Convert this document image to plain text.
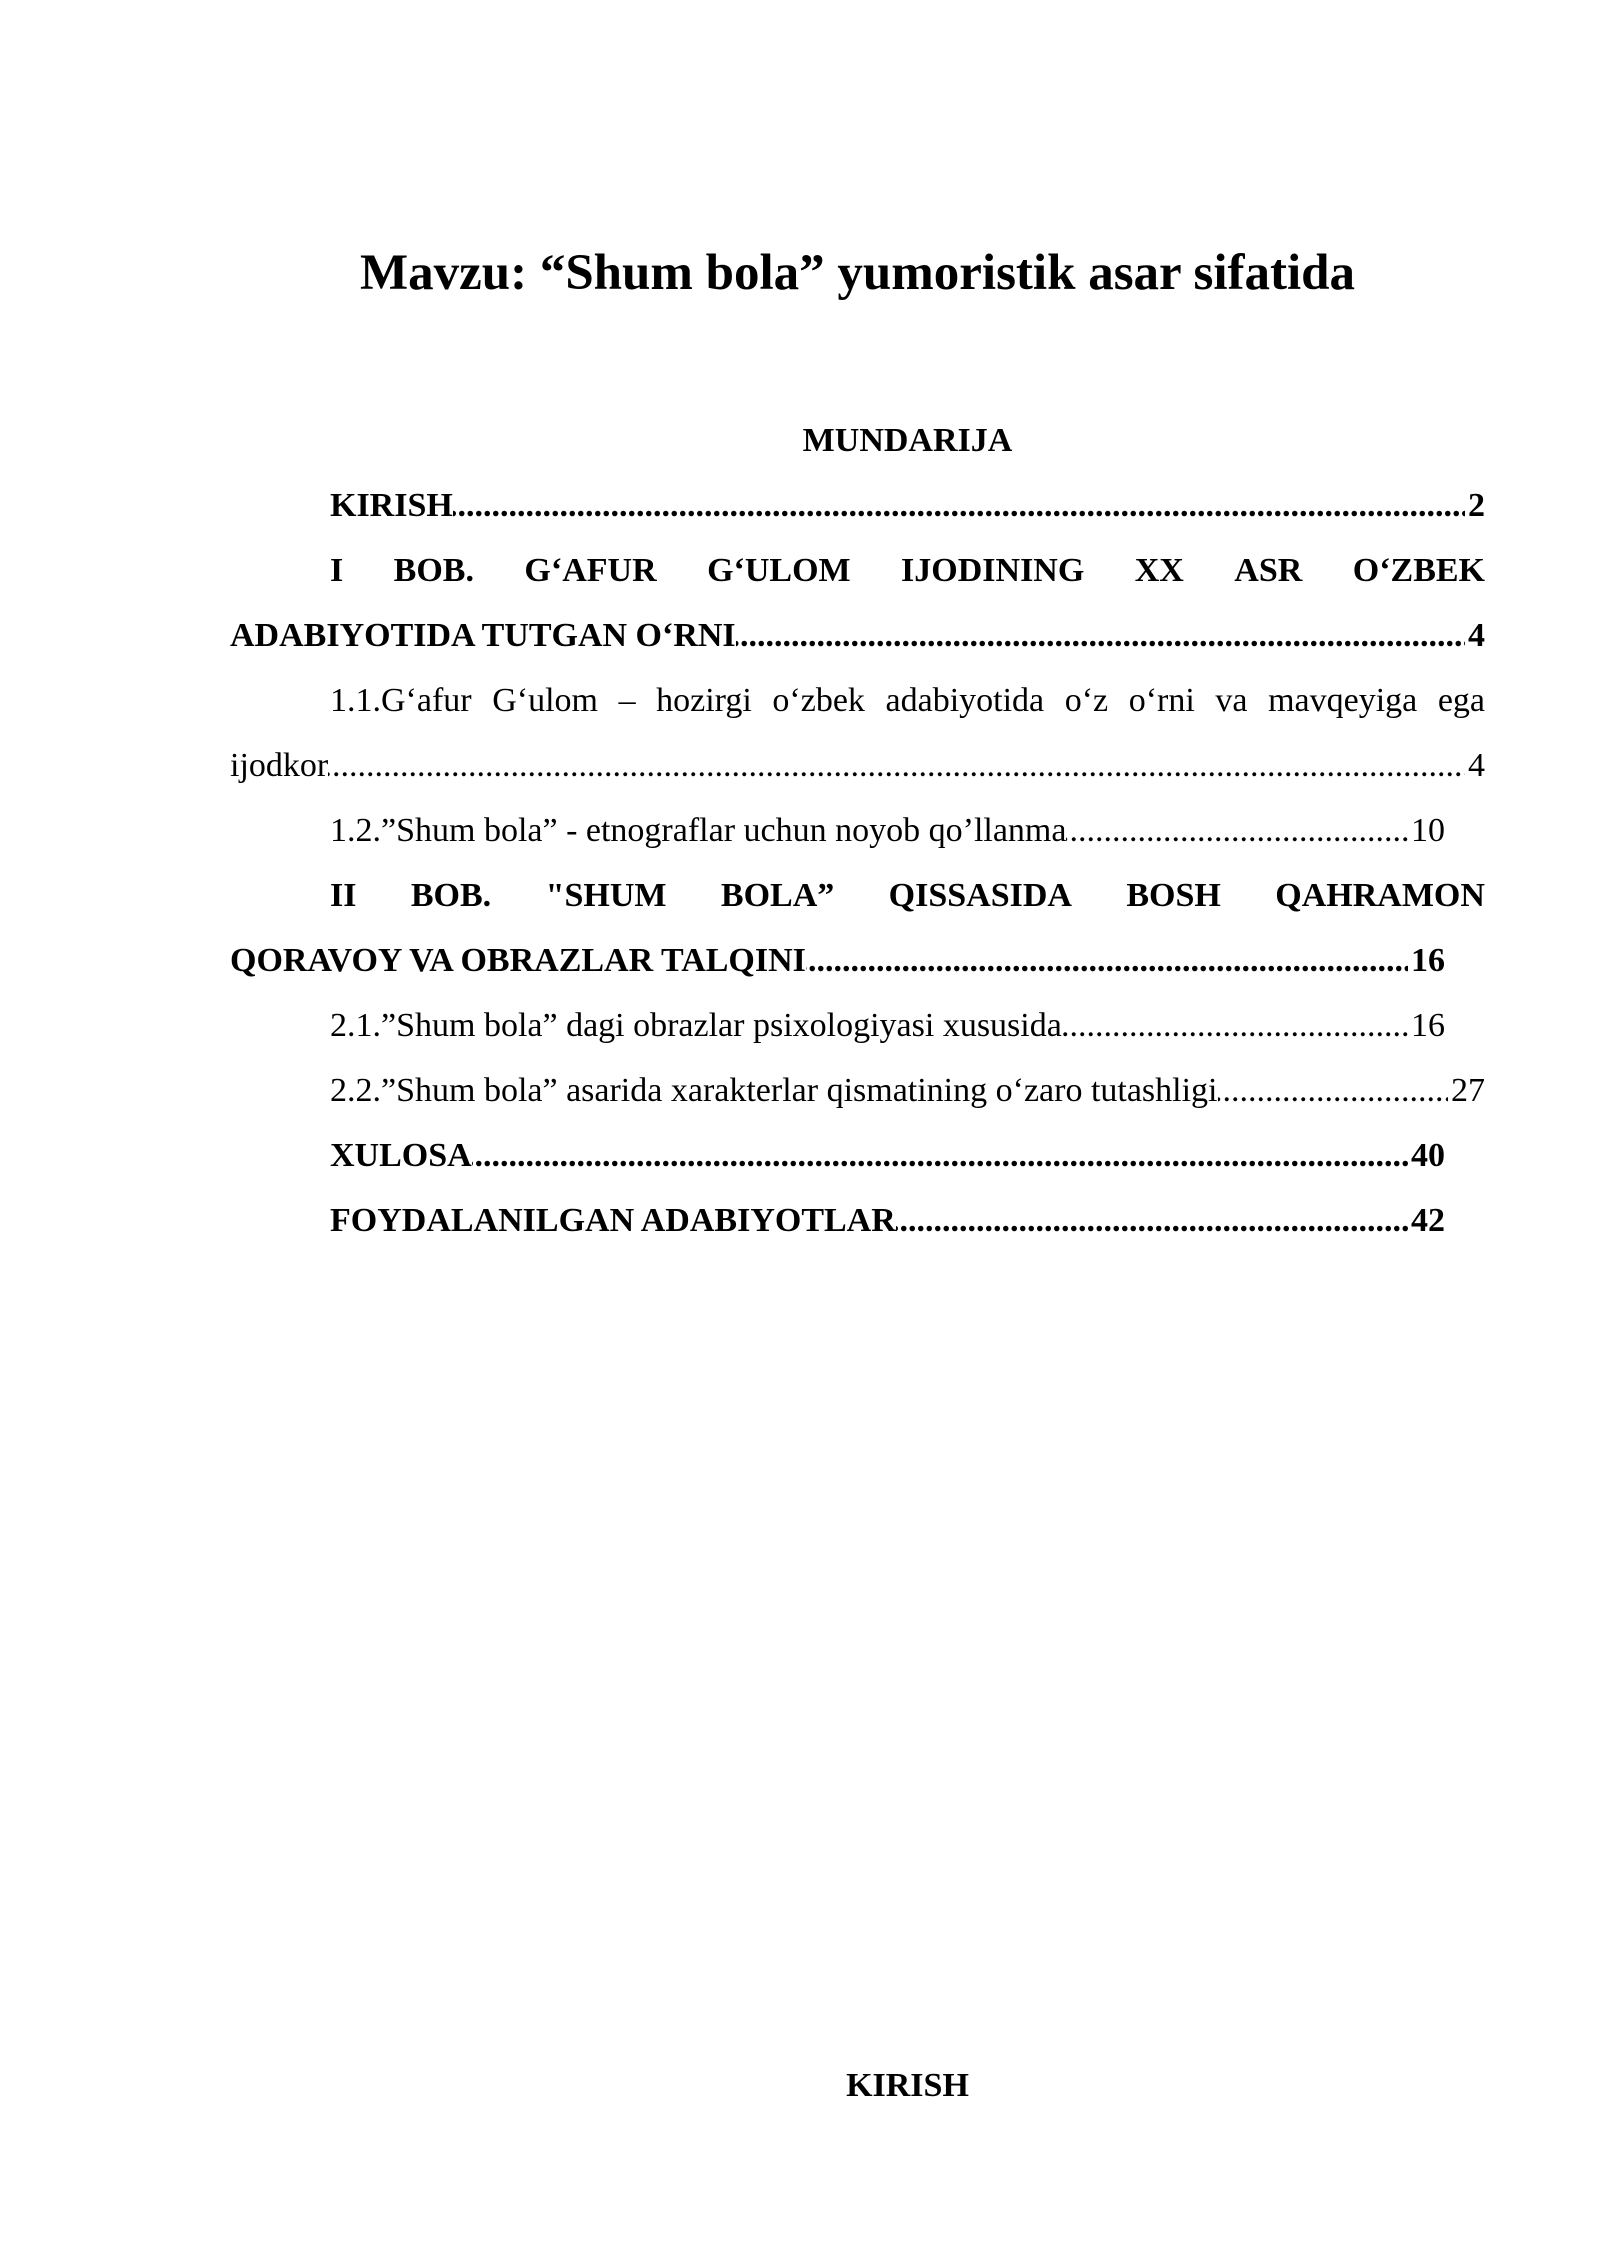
Mavzu: “Shum bola” yumoristik asar sifatida
MUNDARIJA
.....
KIRISH	2
I BOB. G‘AFUR G‘ULOM IJODINING XX ASR O‘ZBEK
.....
ADABIYOTIDA TUTGAN O‘RNI	4
1.1.G‘afur G‘ulom – hozirgi o‘zbek adabiyotida o‘z o‘rni va mavqeyiga ega
.....
ijodkor	4
.....
1.2.”Shum bola” - etnograflar uchun noyob qo’llanma	10
II BOB. "SHUM BOLA” QISSASIDA BOSH QAHRAMON
.....
QORAVOY VA OBRAZLAR TALQINI	16
.....
2.1.”Shum bola” dagi obrazlar psixologiyasi xususida	16
.....
2.2.”Shum bola” asarida xarakterlar qismatining o‘zaro tutashligi	27
.....
XULOSA	40
.....
FOYDALANILGAN ADABIYOTLAR	42
KIRISH
